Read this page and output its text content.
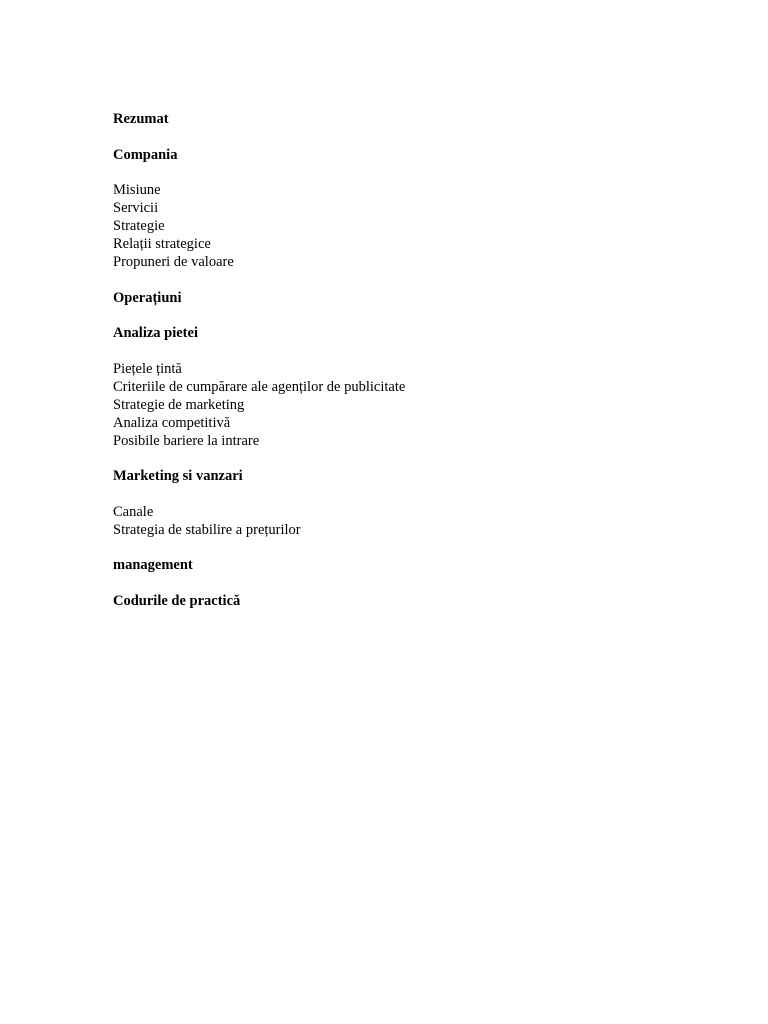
Rezumat
Compania
Misiune
Servicii
Strategie
Relații strategice
Propuneri de valoare
Operațiuni
Analiza pietei
Piețele țintă
Criteriile de cumpărare ale agenților de publicitate
Strategie de marketing
Analiza competitivă
Posibile bariere la intrare
Marketing si vanzari
Canale
Strategia de stabilire a prețurilor
management
Codurile de practică
